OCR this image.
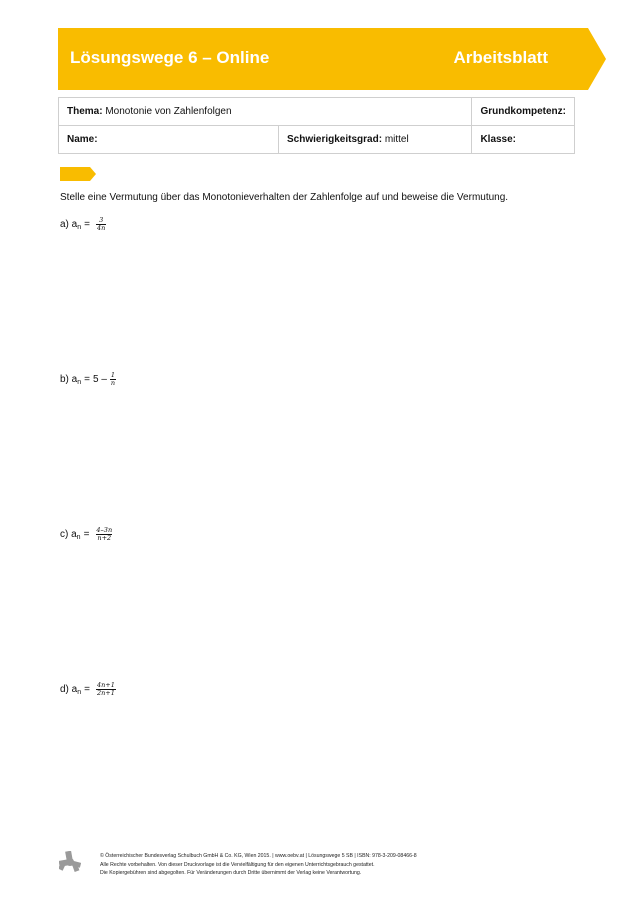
Lösungswege 6 – Online	Arbeitsblatt
Thema: Monotonie von Zahlenfolgen		Grundkompetenz:
Name:	Schwierigkeitsgrad: mittel	Klasse:
Stelle eine Vermutung über das Monotonieverhalten der Zahlenfolge auf und beweise die Vermutung.
a) a $n = \frac{3}{4n}$
b) a $n = 5 - \frac{1}{n}$
c) a $n = \frac{4-3n}{n+2}$
d) a $n = \frac{4n+1}{2n+1}$
© Österreichischer Bundesverlag Schulbuch GmbH & Co. KG, Wien 2015. | www.oebv.at | Lösungswege 5 SB | ISBN: 978-3-209-08466-8
Alle Rechte vorbehalten. Von dieser Druckvorlage ist die Vervielfältigung für den eigenen Unterrichtsgebrauch gestattet.
Die Kopiergebühren sind abgegolten. Für Veränderungen durch Dritte übernimmt der Verlag keine Verantwortung.
